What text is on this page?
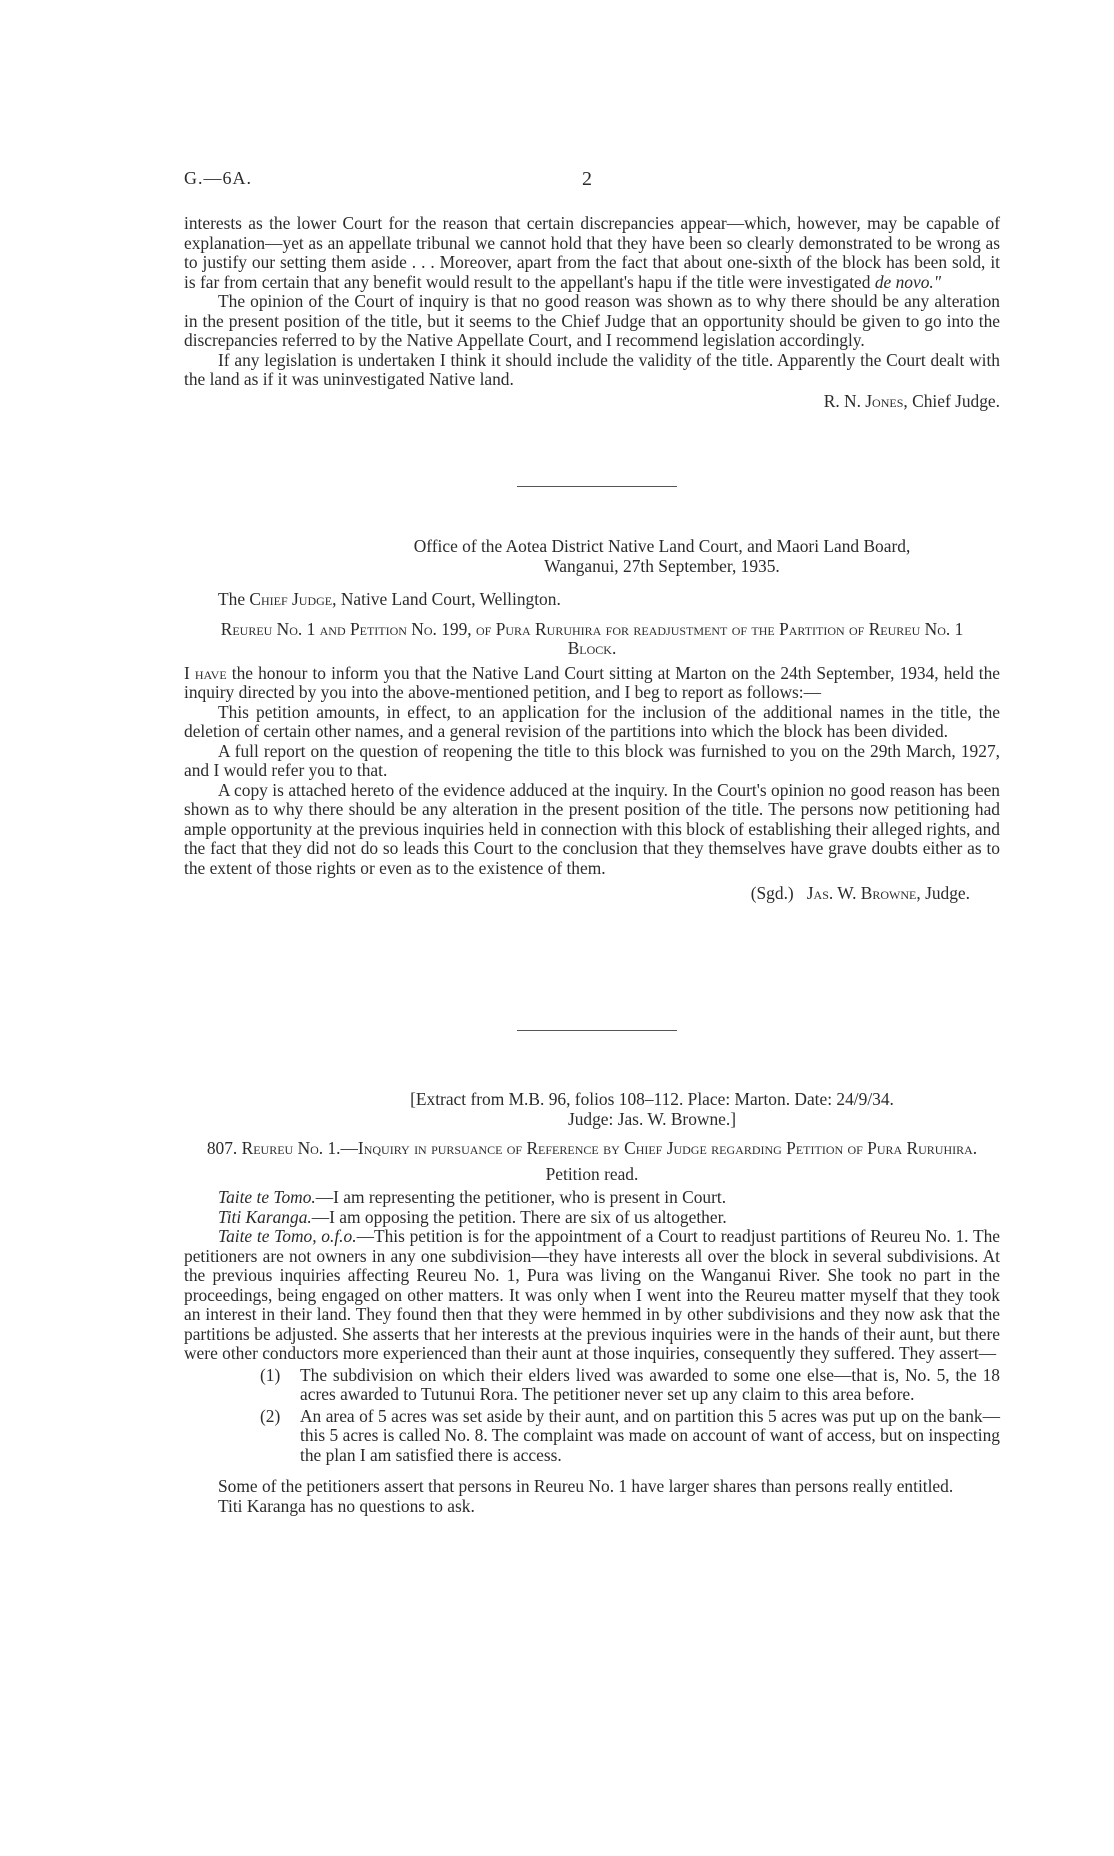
G.—6A.	2

interests as the lower Court for the reason that certain discrepancies appear—which, however, may be capable of explanation—yet as an appellate tribunal we cannot hold that they have been so clearly demonstrated to be wrong as to justify our setting them aside . . . Moreover, apart from the fact that about one-sixth of the block has been sold, it is far from certain that any benefit would result to the appellant's hapu if the title were investigated de novo."

The opinion of the Court of inquiry is that no good reason was shown as to why there should be any alteration in the present position of the title, but it seems to the Chief Judge that an opportunity should be given to go into the discrepancies referred to by the Native Appellate Court, and I recommend legislation accordingly.

If any legislation is undertaken I think it should include the validity of the title. Apparently the Court dealt with the land as if it was uninvestigated Native land.

R. N. Jones, Chief Judge.

Office of the Aotea District Native Land Court, and Maori Land Board,
Wanganui, 27th September, 1935.

The Chief Judge, Native Land Court, Wellington.

Reureu No. 1 and Petition No. 199, of Pura Ruruhira for readjustment of the Partition of Reureu No. 1 Block.

I have the honour to inform you that the Native Land Court sitting at Marton on the 24th September, 1934, held the inquiry directed by you into the above-mentioned petition, and I beg to report as follows:—

This petition amounts, in effect, to an application for the inclusion of the additional names in the title, the deletion of certain other names, and a general revision of the partitions into which the block has been divided.

A full report on the question of reopening the title to this block was furnished to you on the 29th March, 1927, and I would refer you to that.

A copy is attached hereto of the evidence adduced at the inquiry. In the Court's opinion no good reason has been shown as to why there should be any alteration in the present position of the title. The persons now petitioning had ample opportunity at the previous inquiries held in connection with this block of establishing their alleged rights, and the fact that they did not do so leads this Court to the conclusion that they themselves have grave doubts either as to the extent of those rights or even as to the existence of them.

(Sgd.) Jas. W. Browne, Judge.

[Extract from M.B. 96, folios 108–112. Place: Marton. Date: 24/9/34.
Judge: Jas. W. Browne.]

807. Reureu No. 1.—Inquiry in pursuance of Reference by Chief Judge regarding Petition of Pura Ruruhira.

Petition read.

Taite te Tomo.—I am representing the petitioner, who is present in Court.

Titi Karanga.—I am opposing the petition. There are six of us altogether.

Taite te Tomo, o.f.o.—This petition is for the appointment of a Court to readjust partitions of Reureu No. 1. The petitioners are not owners in any one subdivision—they have interests all over the block in several subdivisions. At the previous inquiries affecting Reureu No. 1, Pura was living on the Wanganui River. She took no part in the proceedings, being engaged on other matters. It was only when I went into the Reureu matter myself that they took an interest in their land. They found then that they were hemmed in by other subdivisions and they now ask that the partitions be adjusted. She asserts that her interests at the previous inquiries were in the hands of their aunt, but there were other conductors more experienced than their aunt at those inquiries, consequently they suffered. They assert—

(1)	The subdivision on which their elders lived was awarded to some one else—that is, No. 5, the 18 acres awarded to Tutunui Rora. The petitioner never set up any claim to this area before.

(2)	An area of 5 acres was set aside by their aunt, and on partition this 5 acres was put up on the bank—this 5 acres is called No. 8. The complaint was made on account of want of access, but on inspecting the plan I am satisfied there is access.

Some of the petitioners assert that persons in Reureu No. 1 have larger shares than persons really entitled.

Titi Karanga has no questions to ask.
